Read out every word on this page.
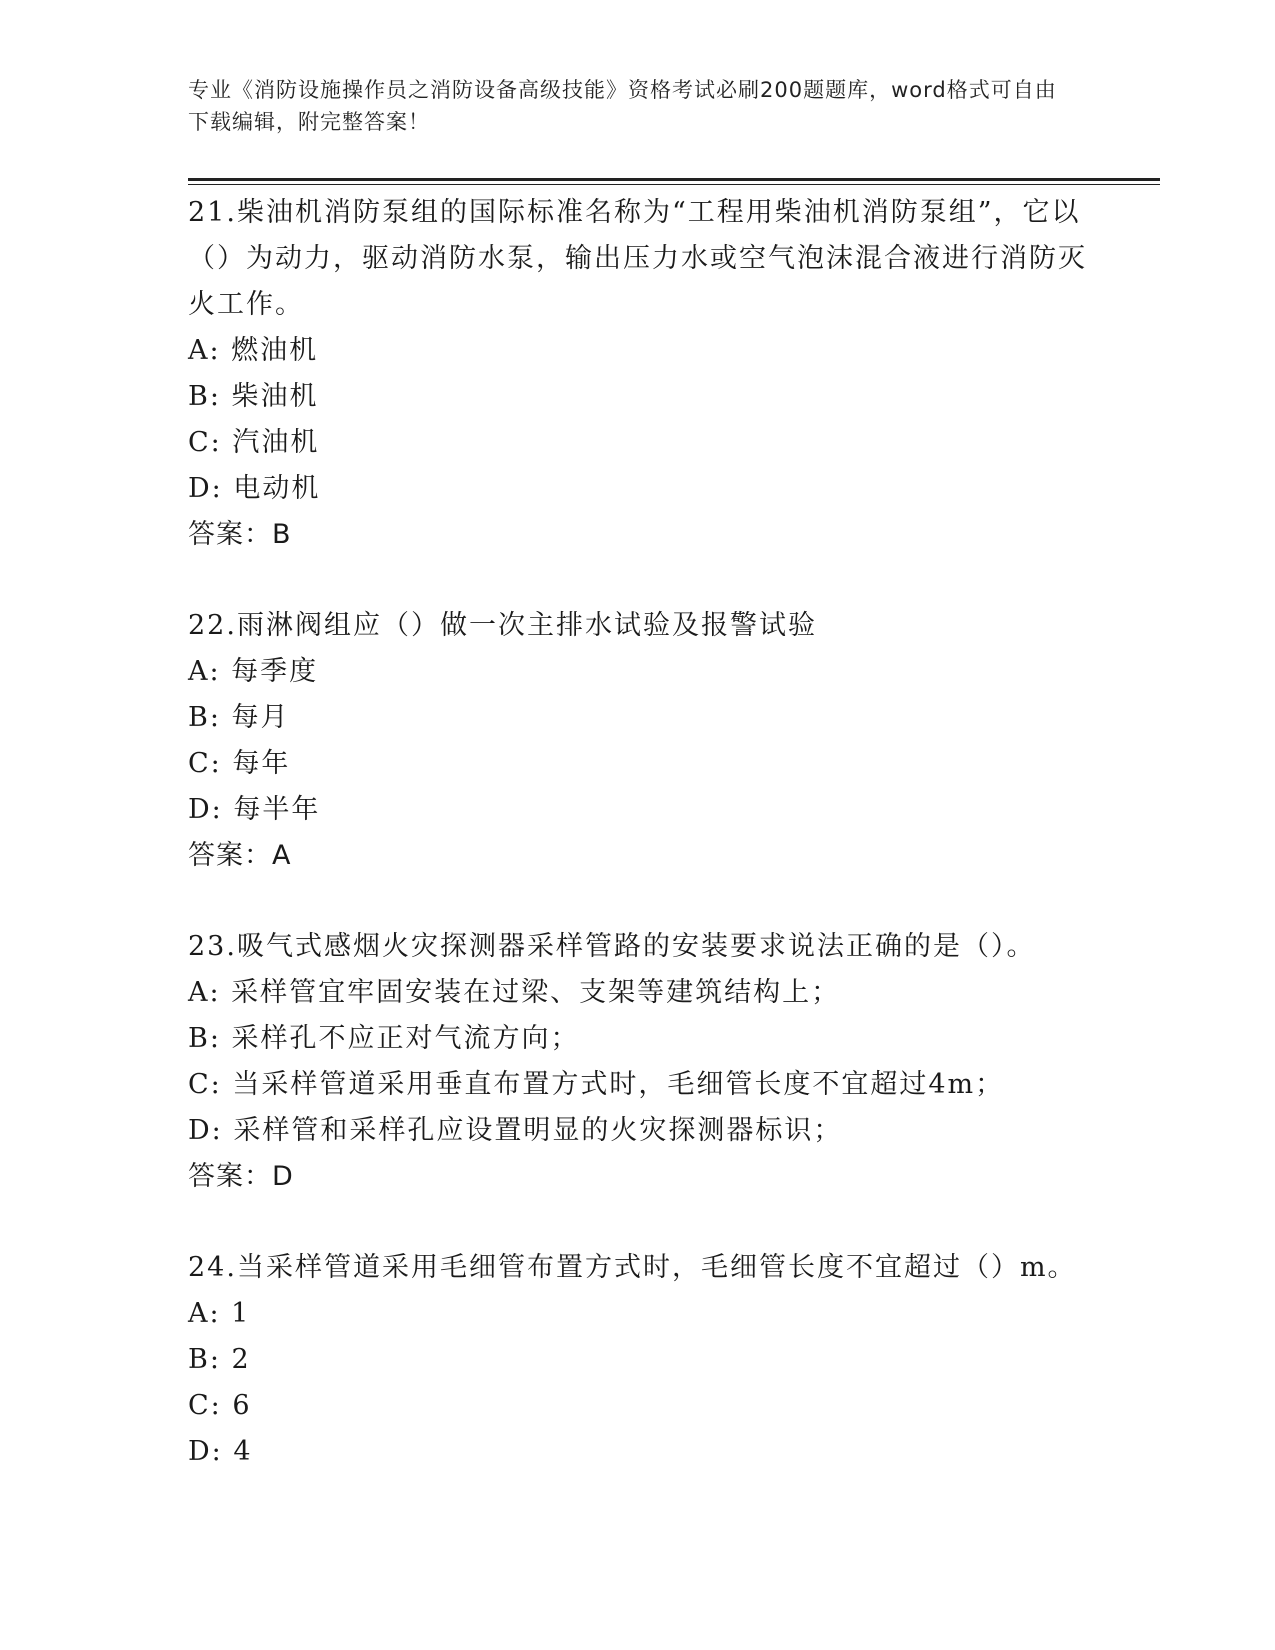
专业《消防设施操作员之消防设备高级技能》资格考试必刷200题题库，word格式可自由下载编辑，附完整答案！

21.柴油机消防泵组的国际标准名称为“工程用柴油机消防泵组”，它以（）为动力，驱动消防水泵，输出压力水或空气泡沫混合液进行消防灭火工作。

A: 燃油机

B: 柴油机

C: 汽油机

D: 电动机

答案：B

22.雨淋阀组应（）做一次主排水试验及报警试验

A: 每季度

B: 每月

C: 每年

D: 每半年

答案：A

23.吸气式感烟火灾探测器采样管路的安装要求说法正确的是（）。

A: 采样管宜牢固安装在过梁、支架等建筑结构上；

B: 采样孔不应正对气流方向；

C: 当采样管道采用垂直布置方式时，毛细管长度不宜超过4m；

D: 采样管和采样孔应设置明显的火灾探测器标识；

答案：D

24.当采样管道采用毛细管布置方式时，毛细管长度不宜超过（）m。

A: 1

B: 2

C: 6

D: 4
